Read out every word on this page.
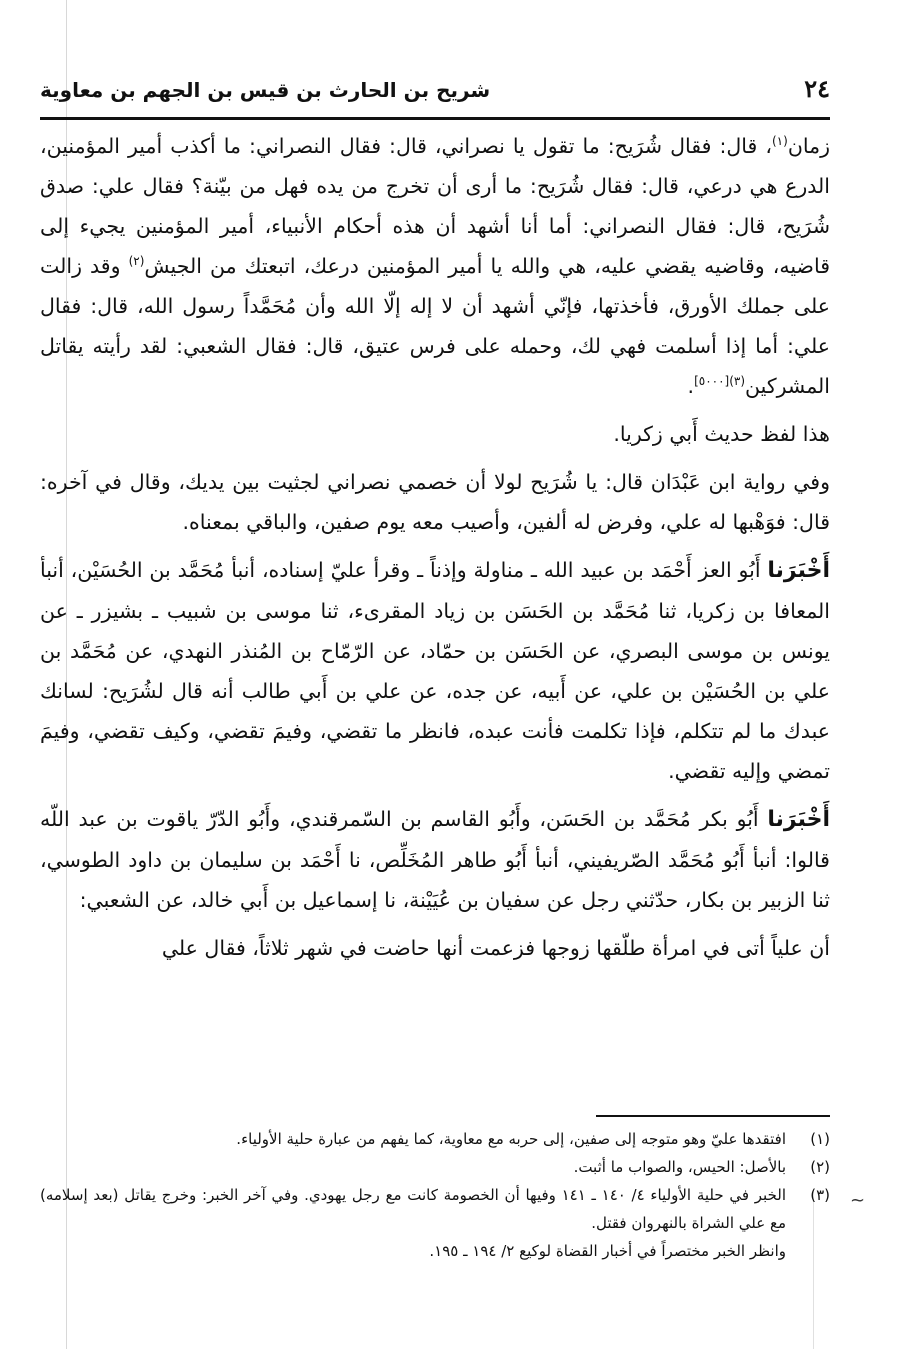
٢٤
شريح بن الحارث بن قيس بن الجهم بن معاوية

زمان$^{(١)}$، قال: فقال شُرَيح: ما تقول يا نصراني، قال: فقال النصراني: ما أكذب أمير المؤمنين، الدرع هي درعي، قال: فقال شُرَيح: ما أرى أن تخرج من يده فهل من بيّنة؟ فقال علي: صدق شُرَيح، قال: فقال النصراني: أما أنا أشهد أن هذه أحكام الأنبياء، أمير المؤمنين يجيء إلى قاضيه، وقاضيه يقضي عليه، هي والله يا أمير المؤمنين درعك، اتبعتك من الجيش$^{(٢)}$ وقد زالت على جملك الأورق، فأخذتها، فإنّي أشهد أن لا إله إلّا الله وأن مُحَمَّداً رسول الله، قال: فقال علي: أما إذا أسلمت فهي لك، وحمله على فرس عتيق، قال: فقال الشعبي: لقد رأيته يقاتل المشركين$^{(٣)[٥٠٠٠]}$.

هذا لفظ حديث أَبي زكريا.

وفي رواية ابن عَبْدَان قال: يا شُرَيح لولا أن خصمي نصراني لجثيت بين يديك، وقال في آخره: قال: فوَهْبها له علي، وفرض له ألفين، وأصيب معه يوم صفين، والباقي بمعناه.

أَخْبَرَنا أَبُو العز أَحْمَد بن عبيد الله ـ مناولة وإذناً ـ وقرأ عليّ إسناده، أنبأ مُحَمَّد بن الحُسَيْن، أنبأ المعافا بن زكريا، ثنا مُحَمَّد بن الحَسَن بن زياد المقرىء، ثنا موسى بن شبيب ـ بشيزر ـ عن يونس بن موسى البصري، عن الحَسَن بن حمّاد، عن الرّمّاح بن المُنذر النهدي، عن مُحَمَّد بن علي بن الحُسَيْن بن علي، عن أَبيه، عن جده، عن علي بن أَبي طالب أنه قال لشُرَيح: لسانك عبدك ما لم تتكلم، فإذا تكلمت فأنت عبده، فانظر ما تقضي، وفيمَ تقضي، وكيف تقضي، وفيمَ تمضي وإليه تقضي.

أَخْبَرَنا أَبُو بكر مُحَمَّد بن الحَسَن، وأَبُو القاسم بن السّمرقندي، وأَبُو الدّرّ ياقوت بن عبد اللّه قالوا: أنبأ أَبُو مُحَمَّد الصّريفيني، أنبأ أَبُو طاهر المُخَلِّص، نا أَحْمَد بن سليمان بن داود الطوسي، ثنا الزبير بن بكار، حدّثني رجل عن سفيان بن عُيَيْنة، نا إسماعيل بن أَبي خالد، عن الشعبي:

أن علياً أتى في امرأة طلّقها زوجها فزعمت أنها حاضت في شهر ثلاثاً، فقال علي

(١)
افتقدها عليّ وهو متوجه إلى صفين، إلى حربه مع معاوية، كما يفهم من عبارة حلية الأولياء.
(٢)
بالأصل: الحيس، والصواب ما أثبت.
(٣)
الخبر في حلية الأولياء ٤/ ١٤٠ ـ ١٤١ وفيها أن الخصومة كانت مع رجل يهودي. وفي آخر الخبر: وخرج يقاتل (بعد إسلامه) مع علي الشراة بالنهروان فقتل.
وانظر الخبر مختصراً في أخبار القضاة لوكيع ٢/ ١٩٤ ـ ١٩٥.
~
